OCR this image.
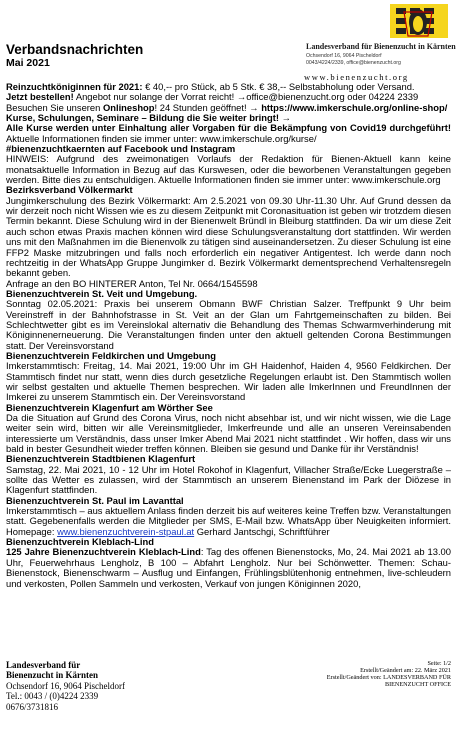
Verbandsnachrichten
Mai 2021
Landesverband für Bienenzucht in Kärnten
Ochsendorf 16, 9064 Pischeldorf
0043/4224/2339, office@bienenzucht.org
www.bienenzucht.org

Reinzuchtköniginnen für 2021: € 40,-- pro Stück, ab 5 Stk. € 38,-- Selbstabholung oder Versand.

Jetzt bestellen! Angebot nur solange der Vorrat reicht! →office@bienenzucht.org oder 04224 2339

Besuchen Sie unseren Onlineshop! 24 Stunden geöffnet! → https://www.imkerschule.org/online-shop/

Kurse, Schulungen, Seminare – Bildung die Sie weiter bringt! →

Alle Kurse werden unter Einhaltung aller Vorgaben für die Bekämpfung von Covid19 durchgeführt! Aktuelle Informationen finden sie immer unter: www.imkerschule.org/kurse/

#bienenzuchtkaernten auf Facebook und Instagram

HINWEIS: Aufgrund des zweimonatigen Vorlaufs der Redaktion für Bienen-Aktuell kann keine monatsaktuelle Information in Bezug auf das Kurswesen, oder die beworbenen Veranstaltungen gegeben werden. Bitte dies zu entschuldigen. Aktuelle Informationen finden sie immer unter: www.imkerschule.org

Bezirksverband Völkermarkt

Jungimkerschulung des Bezirk Völkermarkt: Am 2.5.2021 von 09.30 Uhr-11.30 Uhr. Auf Grund dessen da wir derzeit noch nicht Wissen wie es zu diesem Zeitpunkt mit Coronasituation ist geben wir trotzdem diesen Termin bekannt. Diese Schulung wird in der Bienenwelt Bründl in Bleiburg stattfinden. Da wir um diese Zeit auch schon etwas Praxis machen können wird diese Schulungsveranstaltung dort stattfinden. Wir werden uns mit den Maßnahmen im die Bienenvolk zu tätigen sind auseinandersetzen. Zu dieser Schulung ist eine FFP2 Maske mitzubringen und falls noch erforderlich ein negativer Antigentest. Ich werde dann noch rechtzeitig in der WhatsApp Gruppe Jungimker d. Bezirk Völkermarkt dementsprechend Verhaltensregeln bekannt geben.

Anfrage an den BO HINTERER Anton, Tel Nr. 0664/1545598

Bienenzuchtverein St. Veit und Umgebung.

Sonntag 02.05.2021: Praxis bei unserem Obmann BWF Christian Salzer. Treffpunkt 9 Uhr beim Vereinstreff in der Bahnhofstrasse in St. Veit an der Glan um Fahrtgemeinschaften zu bilden. Bei Schlechtwetter gibt es im Vereinslokal alternativ die Behandlung des Themas Schwarmverhinderung mit Königinnenerneuerung. Die Veranstaltungen finden unter den aktuell geltenden Corona Bestimmungen statt. Der Vereinsvorstand

Bienenzuchtverein Feldkirchen und Umgebung

Imkerstammtisch: Freitag, 14. Mai 2021, 19:00 Uhr im GH Haidenhof, Haiden 4, 9560 Feldkirchen. Der Stammtisch findet nur statt, wenn dies durch gesetzliche Regelungen erlaubt ist. Den Stammtisch wollen wir selbst gestalten und aktuelle Themen besprechen. Wir laden alle ImkerInnen und FreundInnen der Imkerei zu unserem Stammtisch ein. Der Vereinsvorstand

Bienenzuchtverein Klagenfurt am Wörther See

Da die Situation auf Grund des Corona Virus, noch nicht absehbar ist, und wir nicht wissen, wie die Lage weiter sein wird, bitten wir alle Vereinsmitglieder, Imkerfreunde und alle an unseren Vereinsabenden interessierte um Verständnis, dass unser Imker Abend Mai 2021 nicht stattfindet . Wir hoffen, dass wir uns bald in bester Gesundheit wieder treffen können. Bleiben sie gesund und Danke für ihr Verständnis!

Bienenzuchtverein Stadtbienen Klagenfurt

Samstag, 22. Mai 2021, 10 - 12 Uhr im Hotel Rokohof in Klagenfurt, Villacher Straße/Ecke Luegerstraße – sollte das Wetter es zulassen, wird der Stammtisch an unserem Bienenstand im Park der Diözese in Klagenfurt stattfinden.

Bienenzuchtverein St. Paul im Lavanttal

Imkerstammtisch – aus aktuellem Anlass finden derzeit bis auf weiteres keine Treffen bzw. Veranstaltungen statt. Gegebenenfalls werden die Mitglieder per SMS, E-Mail bzw. WhatsApp über Neuigkeiten informiert. Homepage: www.bienenzuchtverein-stpaul.at Gerhard Jantschgi, Schriftführer

Bienenzuchtverein Kleblach-Lind

125 Jahre Bienenzuchtverein Kleblach-Lind: Tag des offenen Bienenstocks, Mo, 24. Mai 2021 ab 13.00 Uhr, Feuerwehrhaus Lengholz, B 100 – Abfahrt Lengholz. Nur bei Schönwetter. Themen: Schau-Bienenstock, Bienenschwarm – Ausflug und Einfangen, Frühlingsblütenhonig entnehmen, live-schleudern und verkosten, Pollen Sammeln und verkosten, Verkauf von jungen Königinnen 2020,

Landesverband für
Bienenzucht in Kärnten
Ochsendorf 16, 9064 Pischeldorf
Tel.: 0043 / (0)4224 2339
0676/3731816
Seite: 1/2
Erstellt/Geändert am: 22. März 2021
Erstellt/Geändert von: LANDESVERBAND FÜR
BIENENZUCHT OFFICE
